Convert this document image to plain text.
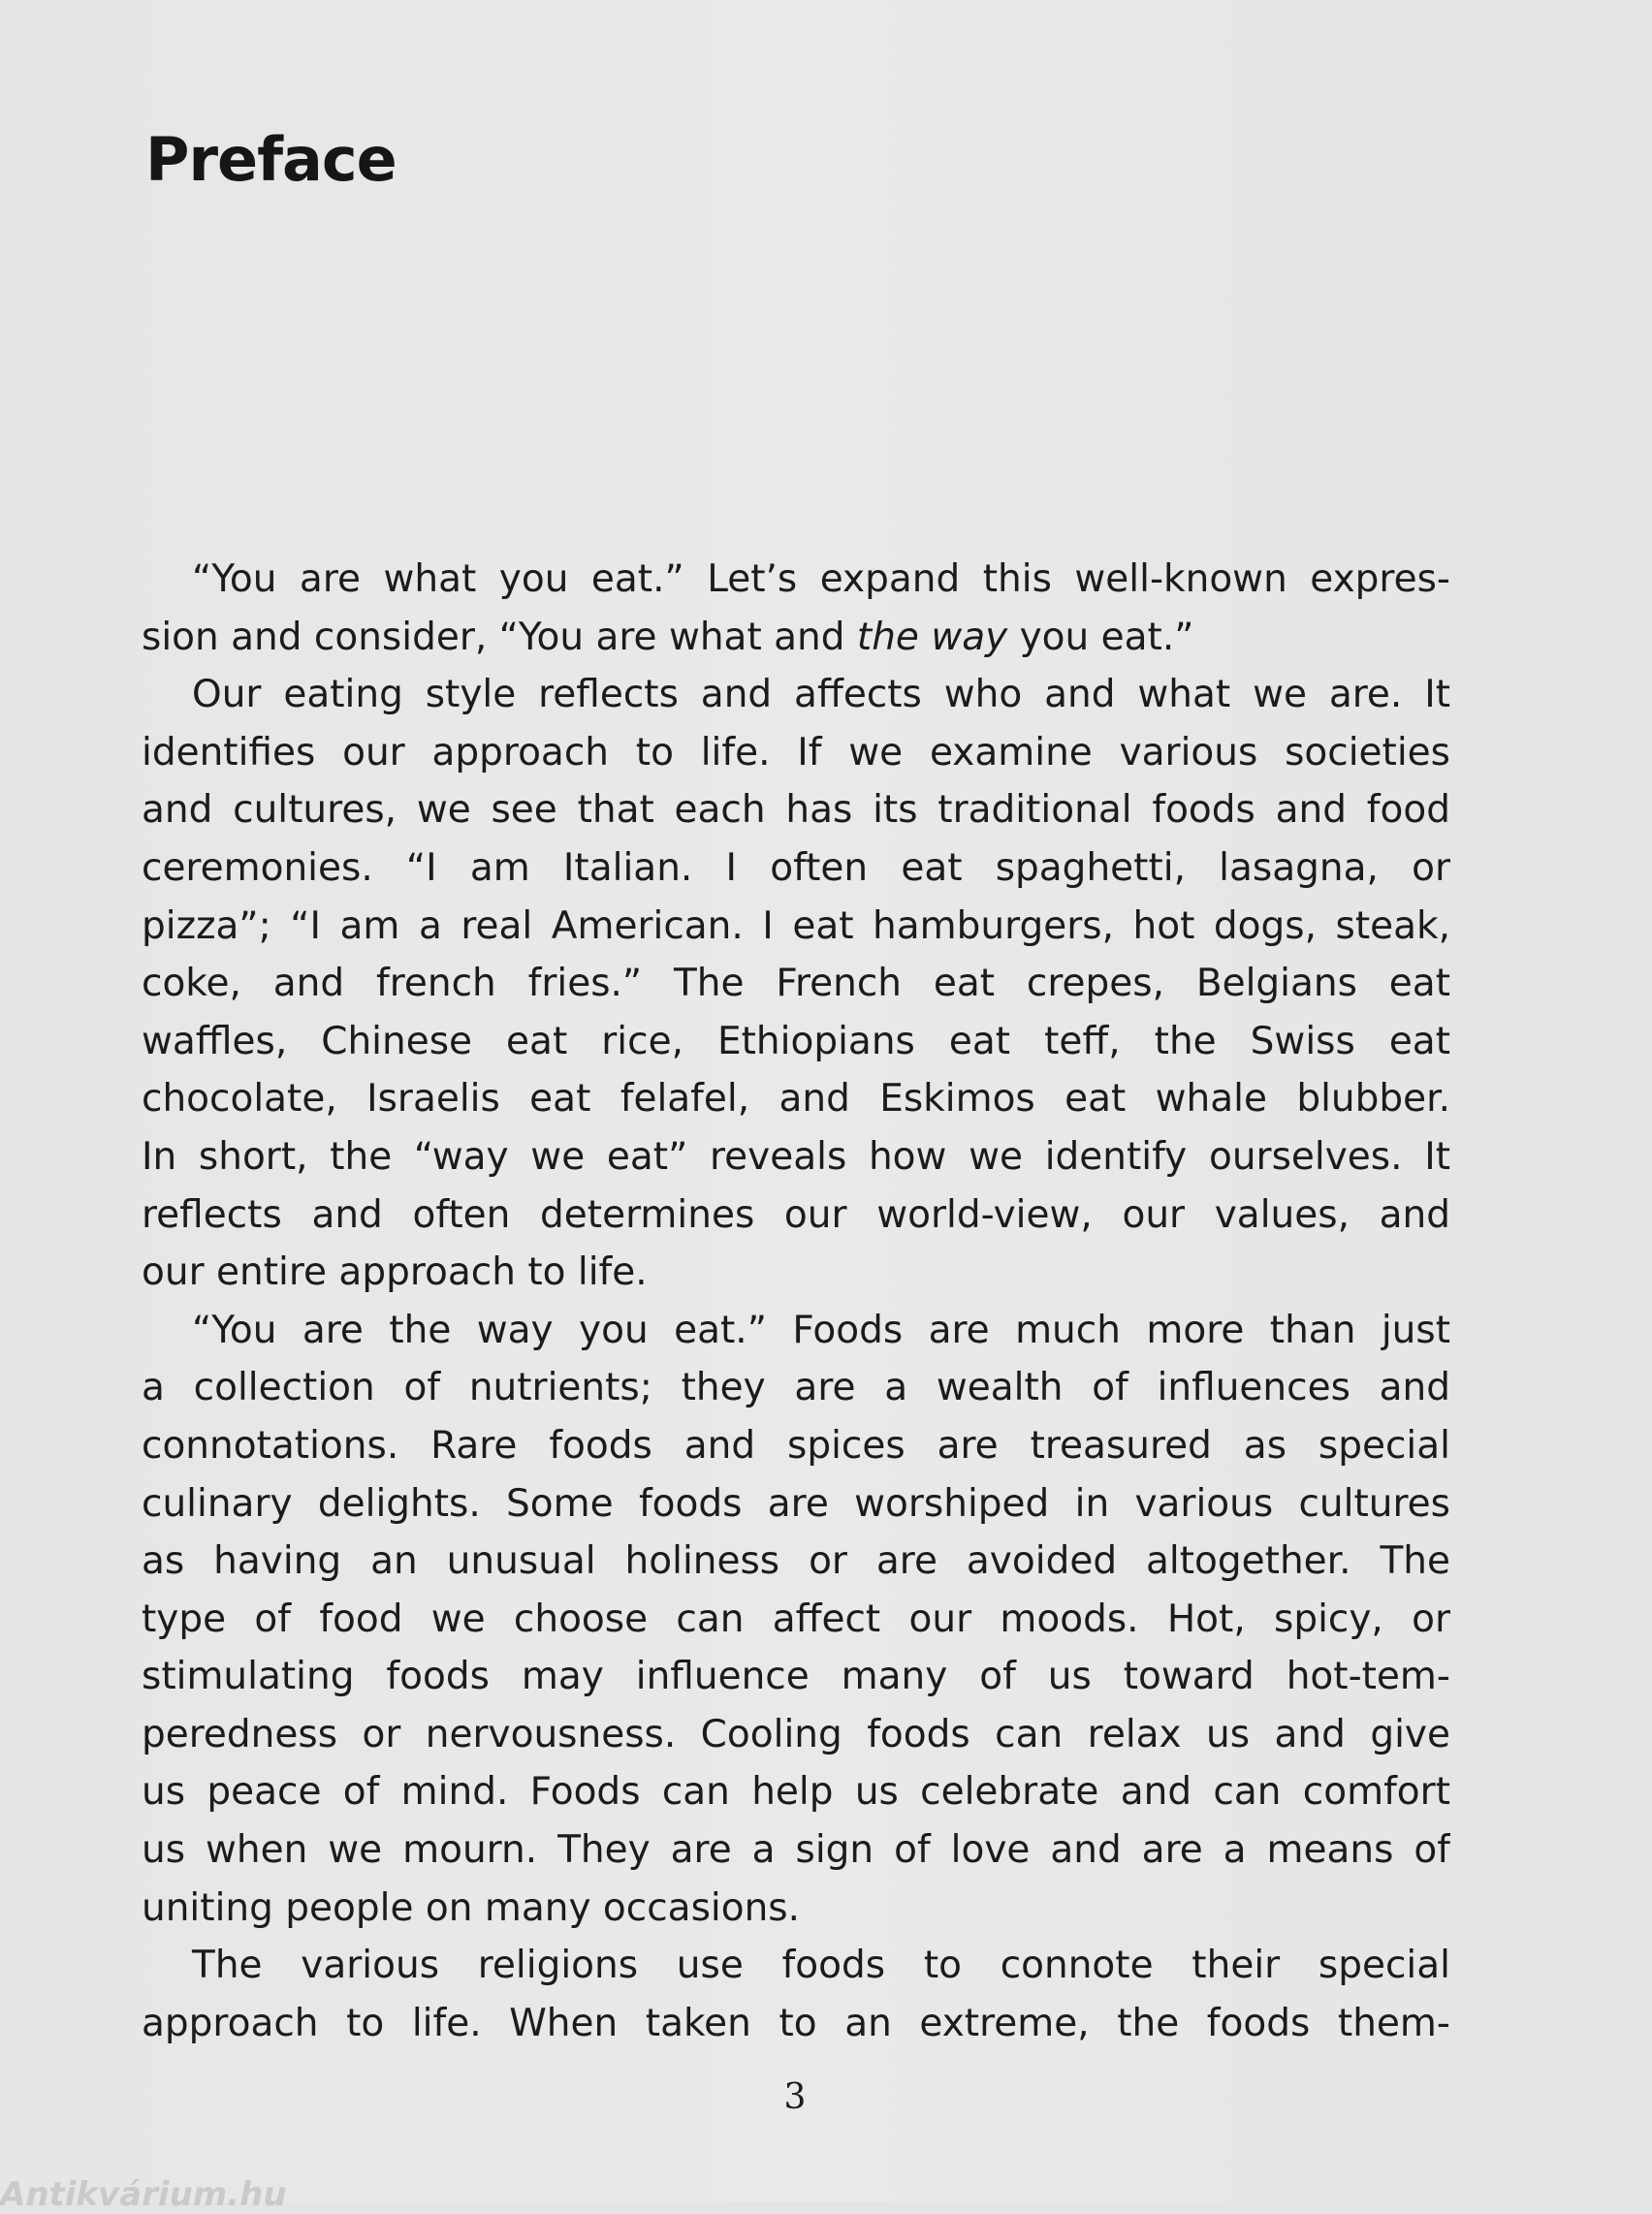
Preface
“You are what you eat.” Let’s expand this well-known expres-
sion and consider, “You are what and the way you eat.”
Our eating style reflects and affects who and what we are. It
identifies our approach to life. If we examine various societies
and cultures, we see that each has its traditional foods and food
ceremonies. “I am Italian. I often eat spaghetti, lasagna, or
pizza”; “I am a real American. I eat hamburgers, hot dogs, steak,
coke, and french fries.” The French eat crepes, Belgians eat
waffles, Chinese eat rice, Ethiopians eat teff, the Swiss eat
chocolate, Israelis eat felafel, and Eskimos eat whale blubber.
In short, the “way we eat” reveals how we identify ourselves. It
reflects and often determines our world-view, our values, and
our entire approach to life.
“You are the way you eat.” Foods are much more than just
a collection of nutrients; they are a wealth of influences and
connotations. Rare foods and spices are treasured as special
culinary delights. Some foods are worshiped in various cultures
as having an unusual holiness or are avoided altogether. The
type of food we choose can affect our moods. Hot, spicy, or
stimulating foods may influence many of us toward hot-tem-
peredness or nervousness. Cooling foods can relax us and give
us peace of mind. Foods can help us celebrate and can comfort
us when we mourn. They are a sign of love and are a means of
uniting people on many occasions.
The various religions use foods to connote their special
approach to life. When taken to an extreme, the foods them-
3
Antikvárium.hu
